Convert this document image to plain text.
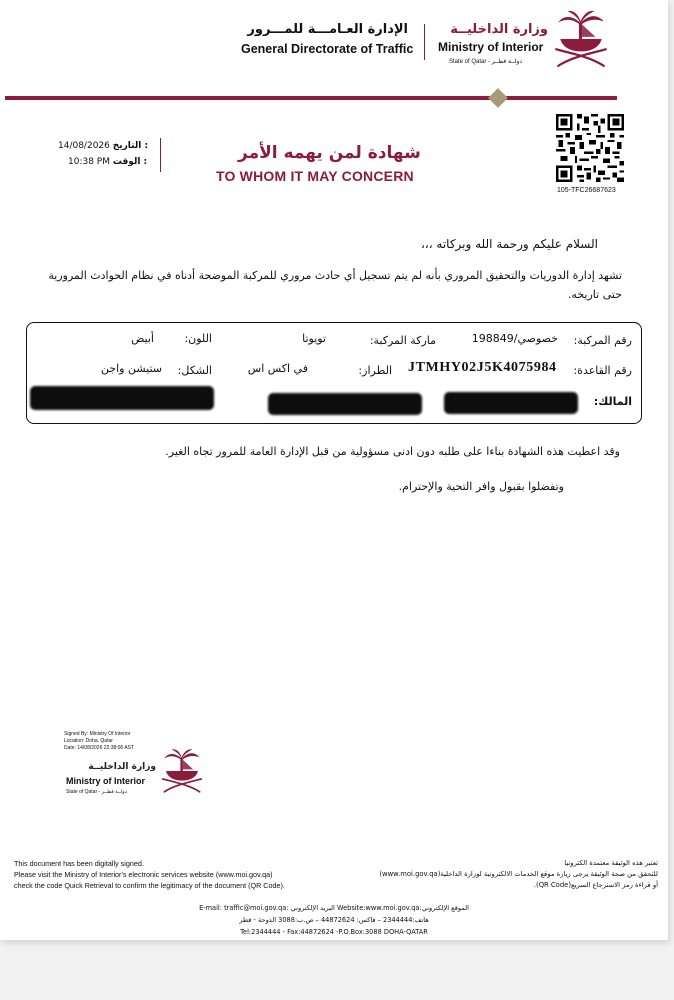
وزارة الداخليــة
Ministry of Interior
State of Qatar - دولــة قطــر
الإدارة العـامـــة للمـــرور
General Directorate of Traffic
14/08/2026 التاريخ :
10:38 PM الوقت :	شهادة لمن يهمه الأمر
TO WHOM IT MAY CONCERN
105-TFC26687623
السلام عليكم ورحمة الله وبركاته ،،،
تشهد إدارة الدوريات والتحقيق المروري بأنه لم يتم تسجيل أي حادث مروري للمركبة الموضحة أدناه في نظام الحوادث المرورية حتى تاريخه.
رقم المركبة:
خصوصي/198849
ماركة المركبة:
تويوتا
اللون:
أبيض
رقم القاعدة:
JTMHY02J5K4075984
الطراز:
في اكس اس
الشكل:
ستيشن واجن
المالك:
وقد اعطيت هذه الشهادة بناءا على طلبه دون ادنى مسؤولية من قبل الإدارة العامة للمرور تجاه الغير.
وتفضلوا بقبول وافر التحية والإحترام.
Signed By: Ministry Of Interior
Location: Doha, Qatar
Date: 14/08/2026 22:38:06 AST
وزارة الداخليــة
Ministry of Interior
State of Qatar - دولــة قطــر
This document has been digitally signed.
Please visit the Ministry of Interior's electronic services website (www.moi.gov.qa)
check the code Quick Retrieval to confirm the legitimacy of the document (QR Code).
تعتبر هذه الوثيقة معتمدة الكترونيا
للتحقق من صحة الوثيقة يرجى زيارة موقع الخدمات الالكترونية لوزارة الداخلية(www.moi.gov.qa)
أو قراءة رمز الاسترجاع السريع(QR Code).
E-mail: traffic@moi.gov.qa: البريد الإلكتروني Website:www.moi.gov.qa:الموقع الإلكتروني
هاتف:2344444 – فاكس: 44872624 – ص.ب:3088 الدوحة - قطر
Tel:2344444 - Fax:44872624 -P.O.Box:3088 DOHA-QATAR
